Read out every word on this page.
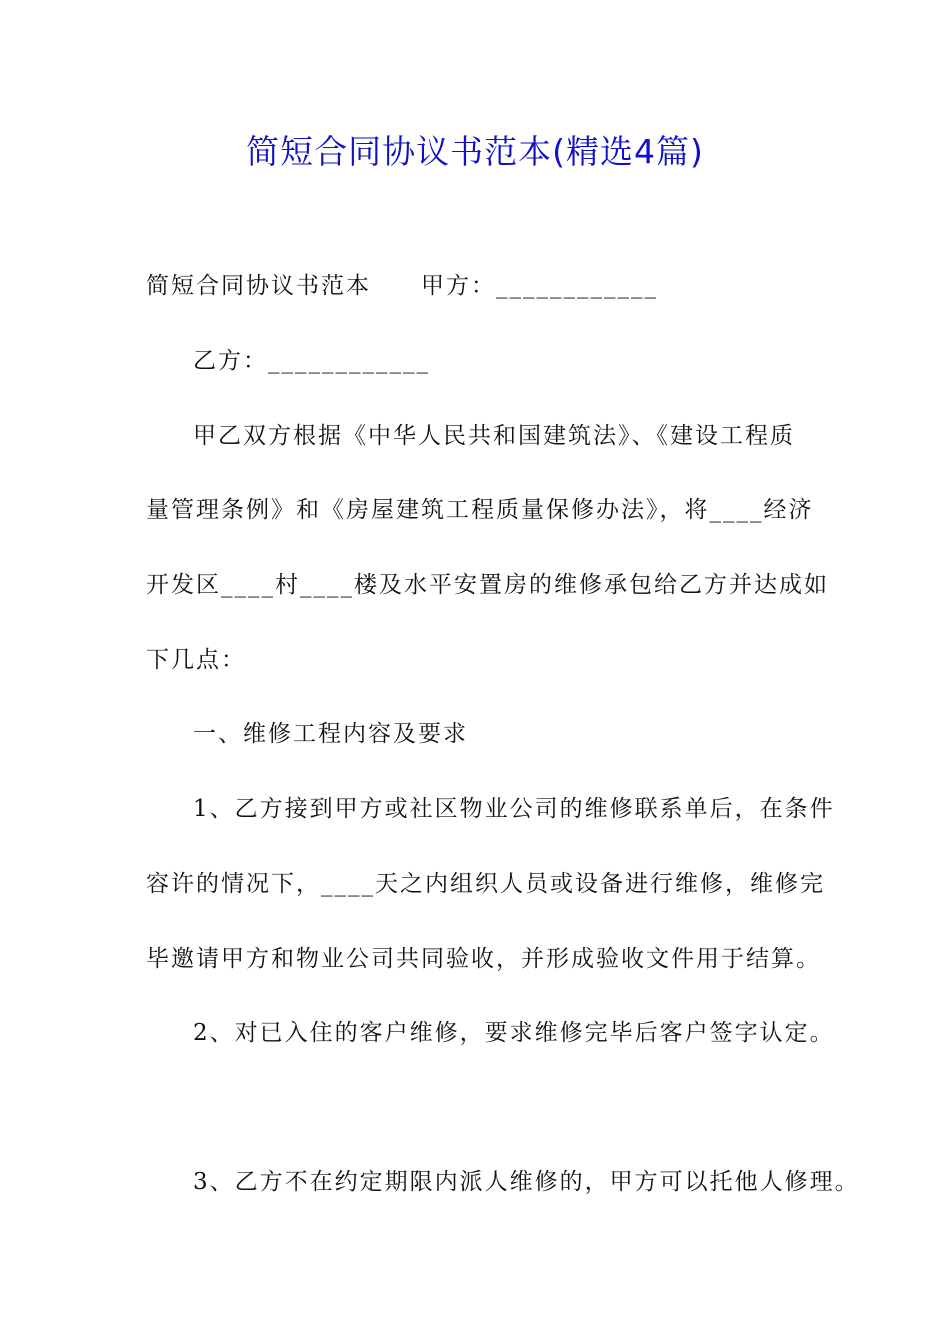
简短合同协议书范本(精选4篇)

简短合同协议书范本　　甲方：____________

乙方：____________

甲乙双方根据《中华人民共和国建筑法》、《建设工程质

量管理条例》和《房屋建筑工程质量保修办法》，将____经济

开发区____村____楼及水平安置房的维修承包给乙方并达成如

下几点：

一、维修工程内容及要求

1、乙方接到甲方或社区物业公司的维修联系单后，在条件

容许的情况下，____天之内组织人员或设备进行维修，维修完

毕邀请甲方和物业公司共同验收，并形成验收文件用于结算。

2、对已入住的客户维修，要求维修完毕后客户签字认定。

3、乙方不在约定期限内派人维修的，甲方可以托他人修理。
